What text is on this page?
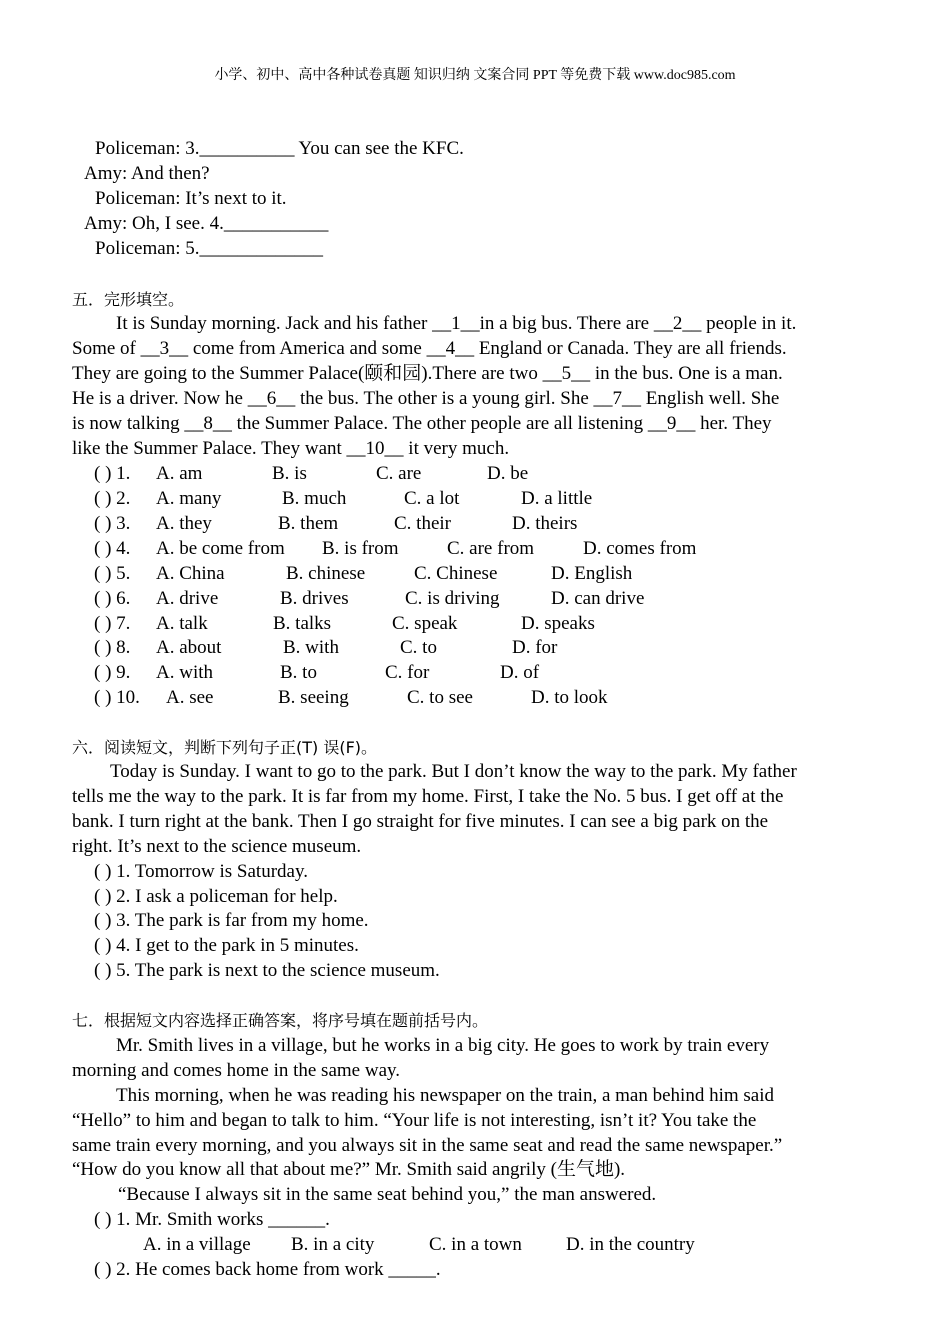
小学、初中、高中各种试卷真题 知识归纳 文案合同 PPT 等免费下载 www.doc985.com
Policeman: 3.__________ You can see the KFC.
Amy: And then?
Policeman: It’s next to it.
Amy: Oh, I see. 4.___________
Policeman: 5._____________
五．完形填空。
It is Sunday morning. Jack and his father __1__in a big bus. There are __2__ people in it.
Some of __3__ come from America and some __4__ England or Canada. They are all friends.
They are going to the Summer Palace(颐和园).There are two __5__ in the bus. One is a man.
He is a driver. Now he __6__ the bus. The other is a young girl. She __7__ English well. She
is now talking __8__ the Summer Palace. The other people are all listening __9__ her. They
like the Summer Palace. They want __10__ it very much.
( ) 1. A. am	B. is	C. are	D. be
( ) 2. A. many	B. much	C. a lot	D. a little
( ) 3. A. they	B. them	C. their	D. theirs
( ) 4. A. be come from B. is from	C. are from	D. comes from
( ) 5. A. China	B. chinese	C. Chinese	D. English
( ) 6. A. drive	B. drives	C. is driving	D. can drive
( ) 7. A. talk	B. talks	C. speak	D. speaks
( ) 8. A. about	B. with	C. to	D. for
( ) 9. A. with	B. to	C. for	D. of
( ) 10. A. see	B. seeing	C. to see	D. to look
六．阅读短文，判断下列句子正(T) 误(F)。
Today is Sunday. I want to go to the park. But I don’t know the way to the park. My father
tells me the way to the park. It is far from my home. First, I take the No. 5 bus. I get off at the
bank. I turn right at the bank. Then I go straight for five minutes. I can see a big park on the
right. It’s next to the science museum.
( ) 1. Tomorrow is Saturday.
( ) 2. I ask a policeman for help.
( ) 3. The park is far from my home.
( ) 4. I get to the park in 5 minutes.
( ) 5. The park is next to the science museum.
七．根据短文内容选择正确答案，将序号填在题前括号内。
Mr. Smith lives in a village, but he works in a big city. He goes to work by train every
morning and comes home in the same way.
This morning, when he was reading his newspaper on the train, a man behind him said
“Hello” to him and began to talk to him. “Your life is not interesting, isn’t it? You take the
same train every morning, and you always sit in the same seat and read the same newspaper.”
“How do you know all that about me?” Mr. Smith said angrily (生气地).
“Because I always sit in the same seat behind you,” the man answered.
( ) 1. Mr. Smith works ______.
A. in a village B. in a city	C. in a town D. in the country
( ) 2. He comes back home from work _____.
